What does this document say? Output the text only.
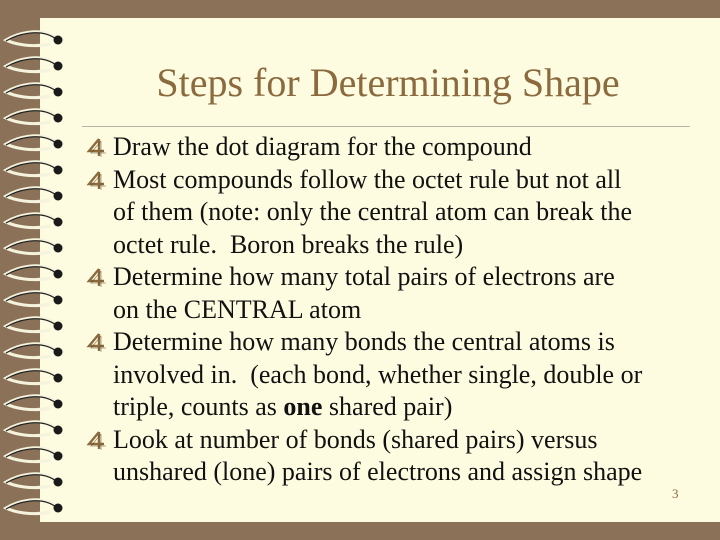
Steps for Determining Shape
Draw the dot diagram for the compound
Most compounds follow the octet rule but not all
of them (note: only the central atom can break the
octet rule.  Boron breaks the rule)
Determine how many total pairs of electrons are
on the CENTRAL atom
Determine how many bonds the central atoms is
involved in.  (each bond, whether single, double or
triple, counts as one shared pair)
Look at number of bonds (shared pairs) versus
unshared (lone) pairs of electrons and assign shape
3
